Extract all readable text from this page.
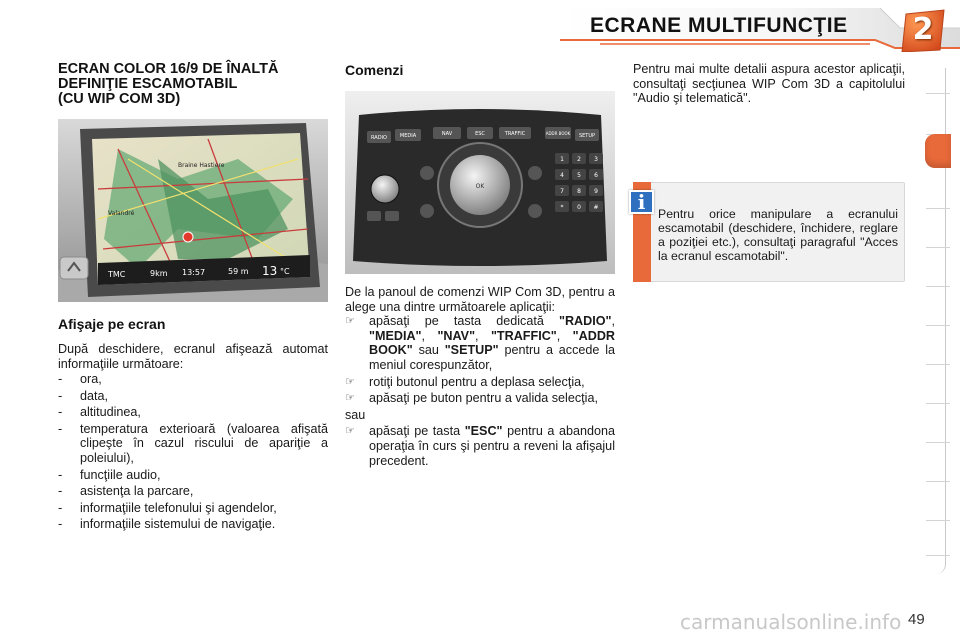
ECRANE MULTIFUNCŢIE 2
ECRAN COLOR 16/9 DE ÎNALTĂ
DEFINIŢIE ESCAMOTABIL
(CU WIP COM 3D)
TMC	9km 13:57	59 m 13 °C
Braine Hastiere
Valandré
Afişaje pe ecran
După deschidere, ecranul afişează automat informaţiile următoare:
- ora,
- data,
- altitudinea,
- temperatura exterioară (valoarea afişată clipeşte în cazul riscului de apariţie a poleiului),
- funcţiile audio,
- asistenţa la parcare,
- informaţiile telefonului şi agendelor,
- informaţiile sistemului de navigaţie.
Comenzi
RADIO	MEDIA	NAV	ESC	TRAFFIC	ADDR BOOK SETUP
OK
1 2 3
4 5 6
7 8 9
* 0 #
De la panoul de comenzi WIP Com 3D, pentru a alege una dintre următoarele aplicaţii:
☞ apăsaţi pe tasta dedicată "RADIO", "MEDIA", "NAV", "TRAFFIC", "ADDR BOOK" sau "SETUP" pentru a accede la meniul corespunzător,
☞ rotiţi butonul pentru a deplasa selecţia,
☞ apăsaţi pe buton pentru a valida selecţia,
sau
☞ apăsaţi pe tasta "ESC" pentru a abandona operaţia în curs şi pentru a reveni la afişajul precedent.
Pentru mai multe detalii aspura acestor aplicaţii, consultaţi secţiunea WIP Com 3D a capitolului "Audio şi telematică".
i	Pentru orice manipulare a ecranului escamotabil (deschidere, închidere, reglare a poziţiei etc.), consultaţi paragraful "Acces la ecranul escamotabil".
carmanualsonline.info 49
